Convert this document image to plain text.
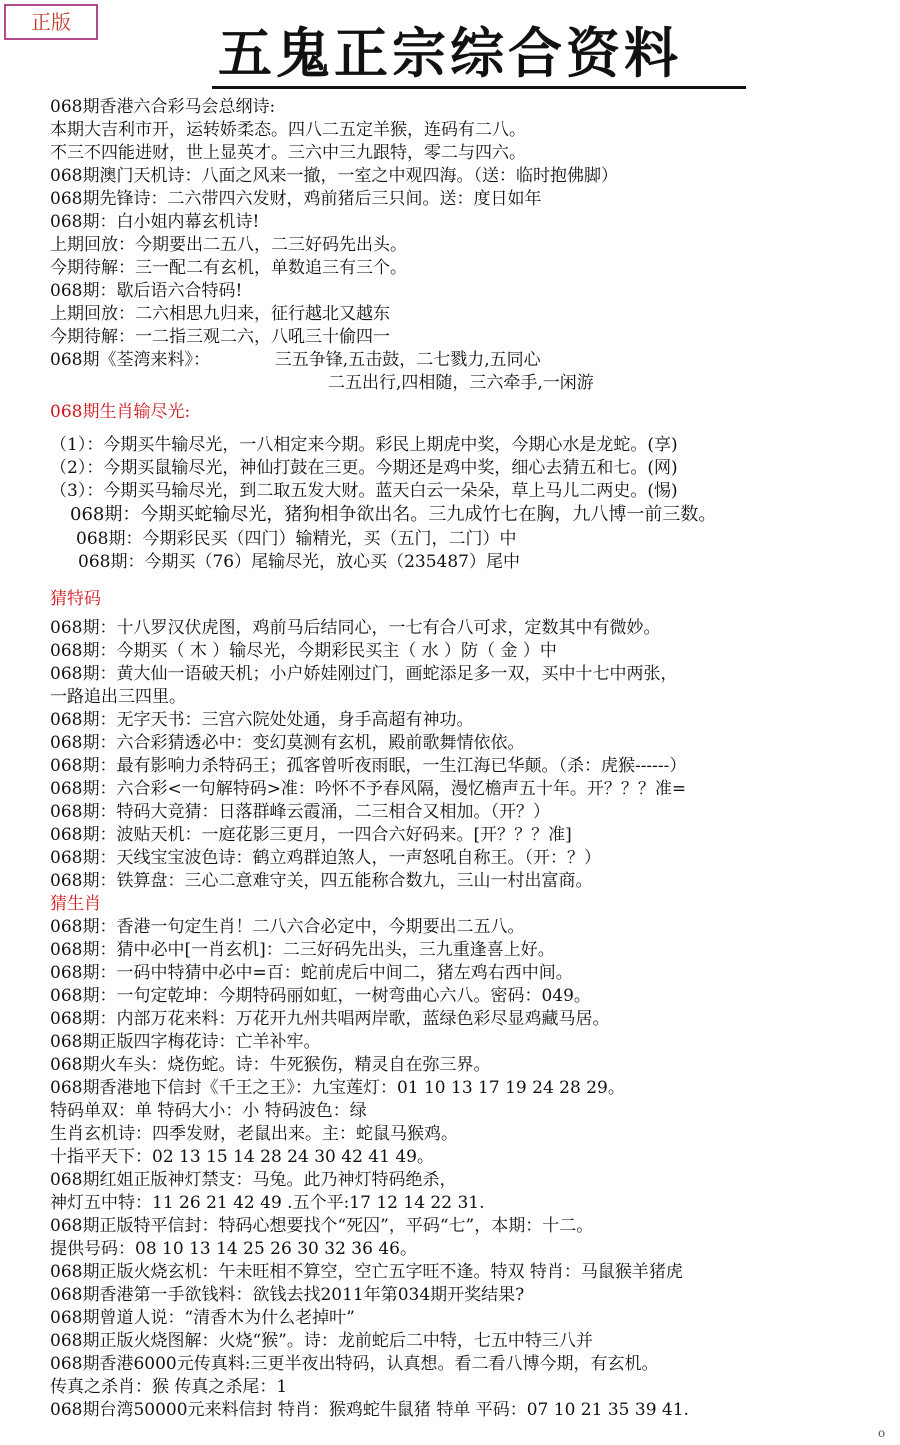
正版	五鬼正宗综合资料
068期香港六合彩马会总纲诗:
本期大吉利市开，运转娇柔态。四八二五定羊猴，连码有二八。
不三不四能进财，世上显英才。三六中三九跟特，零二与四六。
068期澳门天机诗：八面之风来一撤，一室之中观四海。（送：临时抱佛脚）
068期先锋诗：二六带四六发财，鸡前猪后三只间。送：度日如年
068期：白小姐内幕玄机诗!
上期回放：今期要出二五八，二三好码先出头。
今期待解：三一配二有玄机，单数追三有三个。
068期：歇后语六合特码!
上期回放：二六相思九归来，征行越北又越东
今期待解：一二指三观二六，八吼三十偷四一
068期《荃湾来料》：            三五争锋,五击鼓，二七戮力,五同心
二五出行,四相随，三六牵手,一闲游
068期生肖输尽光:
（1）：今期买牛输尽光，一八相定来今期。彩民上期虎中奖，今期心水是龙蛇。(享)
（2）：今期买鼠输尽光，神仙打鼓在三更。今期还是鸡中奖，细心去猜五和七。(网)
（3）：今期买马输尽光，到二取五发大财。蓝天白云一朵朵，草上马儿二两史。(惕)
068期：今期买蛇输尽光，猪狗相争欲出名。三九成竹七在胸，九八博一前三数。
068期：今期彩民买（四门）输精光，买（五门，二门）中
068期：今期买（76）尾输尽光，放心买（235487）尾中
猜特码
068期：十八罗汉伏虎图，鸡前马后结同心，一七有合八可求，定数其中有微妙。
068期：今期买（ 木 ）输尽光，今期彩民买主（ 水 ）防（ 金 ）中
068期：黄大仙一语破天机；小户娇娃刚过门，画蛇添足多一双，买中十七中两张，
一路追出三四里。
068期：无字天书：三宫六院处处通，身手高超有神功。
068期：六合彩猜透必中：变幻莫测有玄机，殿前歌舞情依依。
068期：最有影响力杀特码王；孤客曾听夜雨眠，一生江海已华颠。（杀：虎猴------）
068期：六合彩<一句解特码>准：吟怀不予春风隔，漫忆檐声五十年。开？？？准=
068期：特码大竞猜：日落群峰云霞涌，二三相合又相加。（开？）
068期：波贴天机：一庭花影三更月，一四合六好码来。[开？？？准]
068期：天线宝宝波色诗：鹤立鸡群迫煞人，一声怒吼自称王。（开：？）
068期：铁算盘：三心二意难守关，四五能称合数九，三山一村出富商。
猜生肖
068期：香港一句定生肖！二八六合必定中，今期要出二五八。
068期：猜中必中[一肖玄机]：二三好码先出头，三九重逢喜上好。
068期：一码中特猜中必中=百：蛇前虎后中间二，猪左鸡右西中间。
068期：一句定乾坤：今期特码丽如虹，一树弯曲心六八。密码：049。
068期：内部万花来料：万花开九州共唱两岸歌，蓝绿色彩尽显鸡藏马居。
068期正版四字梅花诗：亡羊补牢。
068期火车头：烧伤蛇。诗：牛死猴伤，精灵自在弥三界。
068期香港地下信封《千王之王》：九宝莲灯：01 10 13 17 19 24 28 29。
特码单双：单 特码大小：小 特码波色：绿
生肖玄机诗：四季发财，老鼠出来。主：蛇鼠马猴鸡。
十指平天下：02 13 15 14 28 24 30 42 41 49。
068期红姐正版神灯禁支：马兔。此乃神灯特码绝杀，
神灯五中特：11 26 21 42 49 .五个平:17 12 14 22 31.
068期正版特平信封：特码心想要找个“死囚”，平码“七”，本期：十二。
提供号码：08 10 13 14 25 26 30 32 36 46。
068期正版火烧玄机：午未旺相不算空，空亡五字旺不逢。特双 特肖：马鼠猴羊猪虎
068期香港第一手欲钱料：欲钱去找2011年第034期开奖结果?
068期曾道人说：“清香木为什么老掉叶”
068期正版火烧图解：火烧“猴”。诗：龙前蛇后二中特，七五中特三八并
068期香港6000元传真料:三更半夜出特码，认真想。看二看八博今期，有玄机。
传真之杀肖：猴 传真之杀尾：1
068期台湾50000元来料信封 特肖：猴鸡蛇牛鼠猪 特单 平码：07 10 21 35 39 41.
o
